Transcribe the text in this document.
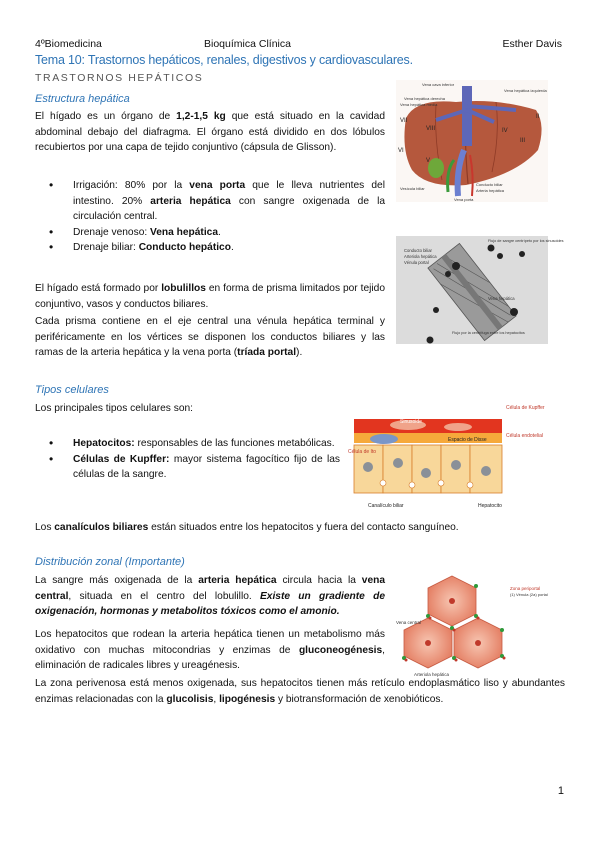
4ºBiomedicina	Bioquímica Clínica	Esther Davis
Tema 10: Trastornos hepáticos, renales, digestivos y cardiovasculares.
TRASTORNOS HEPÁTICOS
Estructura hepática
El hígado es un órgano de 1,2-1,5 kg que está situado en la cavidad abdominal debajo del diafragma. El órgano está dividido en dos lóbulos recubiertos por una capa de tejido conjuntivo (cápsula de Glisson).
• Irrigación: 80% por la vena porta que le lleva nutrientes del intestino. 20% arteria hepática con sangre oxigenada de la circulación central.
• Drenaje venoso: Vena hepática.
• Drenaje biliar: Conducto hepático.
El hígado está formado por lobulillos en forma de prisma limitados por tejido conjuntivo, vasos y conductos biliares.
Cada prisma contiene en el eje central una vénula hepática terminal y periféricamente en los vértices se disponen los conductos biliares y las ramas de la arteria hepática y la vena porta (tríada portal).
Vena cava inferior
Vena hepática derecha
Vena hepática media
Vena hepática izquierda
VII
VIII
VI
V
II
III
IV
Vesícula biliar
Conducto biliar
Arteria hepática
Vena porta
Conducto biliar
Arteriola hepática
Vénula portal
Flujo de sangre centrípeto por los sinusoides
Vena hepática
Flujo por la centrífuga entre los hepatocitos
Tipos celulares
Los principales tipos celulares son:
• Hepatocitos: responsables de las funciones metabólicas.
• Células de Kupffer: mayor sistema fagocítico fijo de las células de la sangre.
Los canalículos biliares están situados entre los hepatocitos y fuera del contacto sanguíneo.
Célula de Kupffer
Célula endotelial
Sinusoide
Célula de Ito
Espacio de Disse
Canalículo biliar	Hepatocito
Distribución zonal (Importante)
La sangre más oxigenada de la arteria hepática circula hacia la vena central, situada en el centro del lobulillo. Existe un gradiente de oxigenación, hormonas y metabolitos tóxicos como el amonio.
Los hepatocitos que rodean la arteria hepática tienen un metabolismo más oxidativo con muchas mitocondrias y enzimas de gluconeogénesis, eliminación de radicales libres y ureagénesis.
La zona perivenosa está menos oxigenada, sus hepatocitos tienen más retículo endoplasmático liso y abundantes enzimas relacionadas con la glucolisis, lipogénesis y biotransformación de xenobióticos.
Zona periportal
(1) Vénula (2a) portal
Vena central
Arteriola hepática
1
